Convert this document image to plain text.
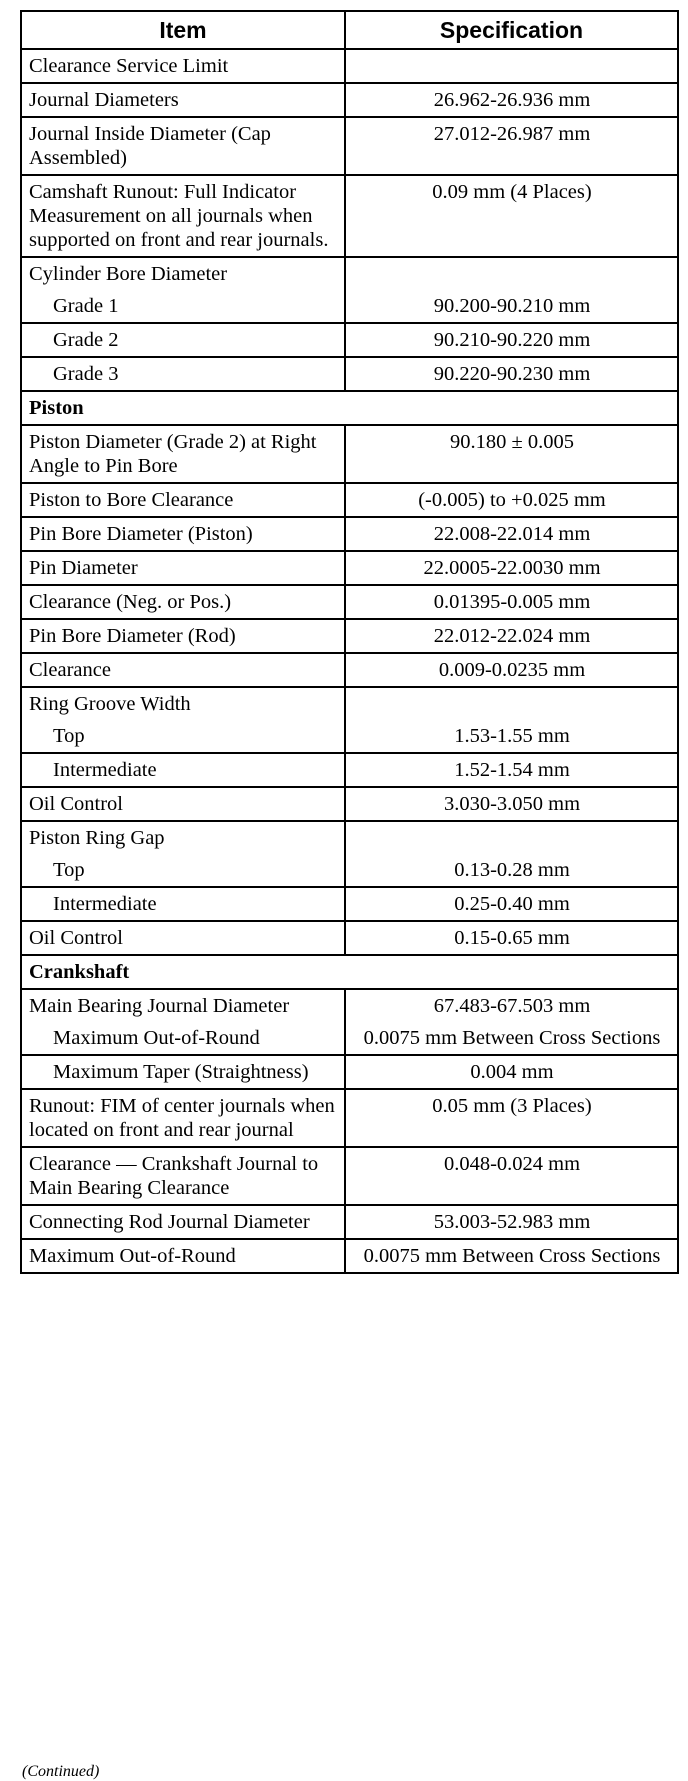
Item	Specification
Clearance Service Limit	
Journal Diameters	26.962-26.936 mm
Journal Inside Diameter (Cap Assembled)	27.012-26.987 mm
Camshaft Runout: Full Indicator Measurement on all journals when supported on front and rear journals.	0.09 mm (4 Places)
Cylinder Bore Diameter	
Grade 1	90.200-90.210 mm
Grade 2	90.210-90.220 mm
Grade 3	90.220-90.230 mm
Piston	
Piston Diameter (Grade 2) at Right Angle to Pin Bore	90.180 ± 0.005
Piston to Bore Clearance	(-0.005) to +0.025 mm
Pin Bore Diameter (Piston)	22.008-22.014 mm
Pin Diameter	22.0005-22.0030 mm
Clearance (Neg. or Pos.)	0.01395-0.005 mm
Pin Bore Diameter (Rod)	22.012-22.024 mm
Clearance	0.009-0.0235 mm
Ring Groove Width	
Top	1.53-1.55 mm
Intermediate	1.52-1.54 mm
Oil Control	3.030-3.050 mm
Piston Ring Gap	
Top	0.13-0.28 mm
Intermediate	0.25-0.40 mm
Oil Control	0.15-0.65 mm
Crankshaft	
Main Bearing Journal Diameter	67.483-67.503 mm
Maximum Out-of-Round	0.0075 mm Between Cross Sections
Maximum Taper (Straightness)	0.004 mm
Runout: FIM of center journals when located on front and rear journal	0.05 mm (3 Places)
Clearance — Crankshaft Journal to Main Bearing Clearance	0.048-0.024 mm
Connecting Rod Journal Diameter	53.003-52.983 mm
Maximum Out-of-Round	0.0075 mm Between Cross Sections
(Continued)
